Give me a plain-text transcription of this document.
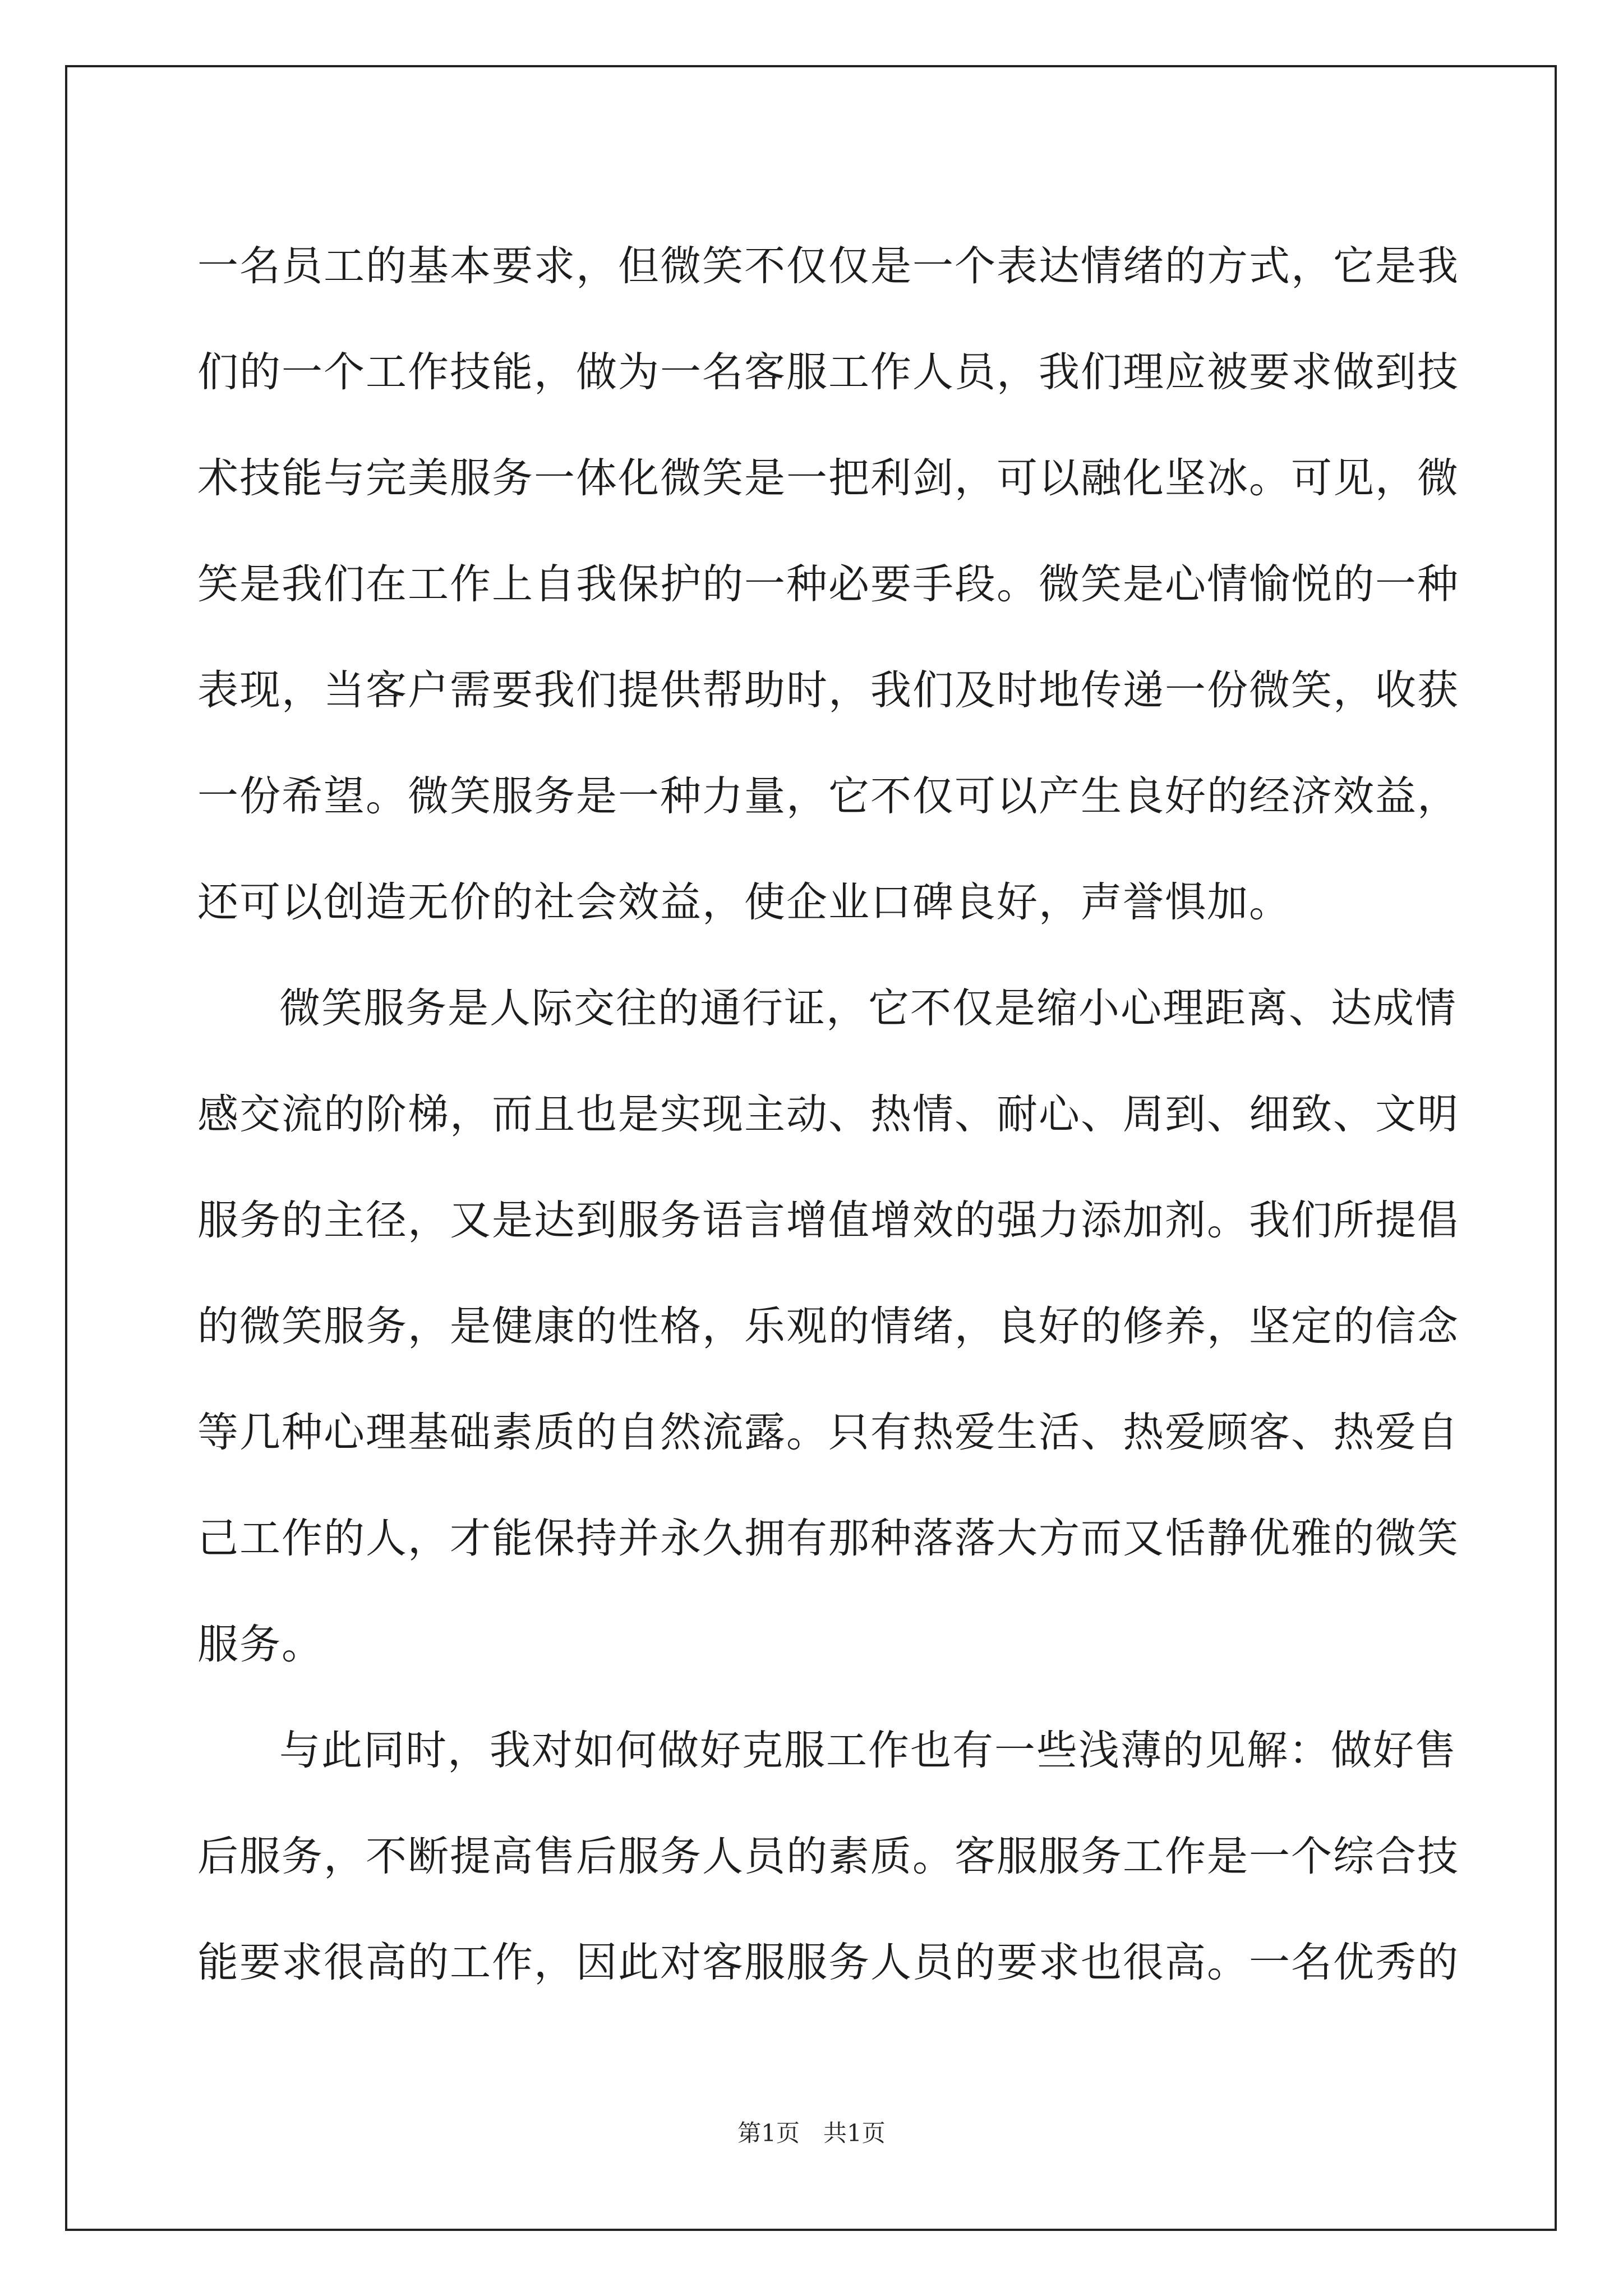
一名员工的基本要求，但微笑不仅仅是一个表达情绪的方式，它是我
们的一个工作技能，做为一名客服工作人员，我们理应被要求做到技
术技能与完美服务一体化微笑是一把利剑，可以融化坚冰。可见，微
笑是我们在工作上自我保护的一种必要手段。微笑是心情愉悦的一种
表现，当客户需要我们提供帮助时，我们及时地传递一份微笑，收获
一份希望。微笑服务是一种力量，它不仅可以产生良好的经济效益，
还可以创造无价的社会效益，使企业口碑良好，声誉惧加。
微笑服务是人际交往的通行证，它不仅是缩小心理距离、达成情
感交流的阶梯，而且也是实现主动、热情、耐心、周到、细致、文明
服务的主径，又是达到服务语言增值增效的强力添加剂。我们所提倡
的微笑服务，是健康的性格，乐观的情绪，良好的修养，坚定的信念
等几种心理基础素质的自然流露。只有热爱生活、热爱顾客、热爱自
己工作的人，才能保持并永久拥有那种落落大方而又恬静优雅的微笑
服务。
与此同时，我对如何做好克服工作也有一些浅薄的见解：做好售
后服务，不断提高售后服务人员的素质。客服服务工作是一个综合技
能要求很高的工作，因此对客服服务人员的要求也很高。一名优秀的
第1页　共1页
